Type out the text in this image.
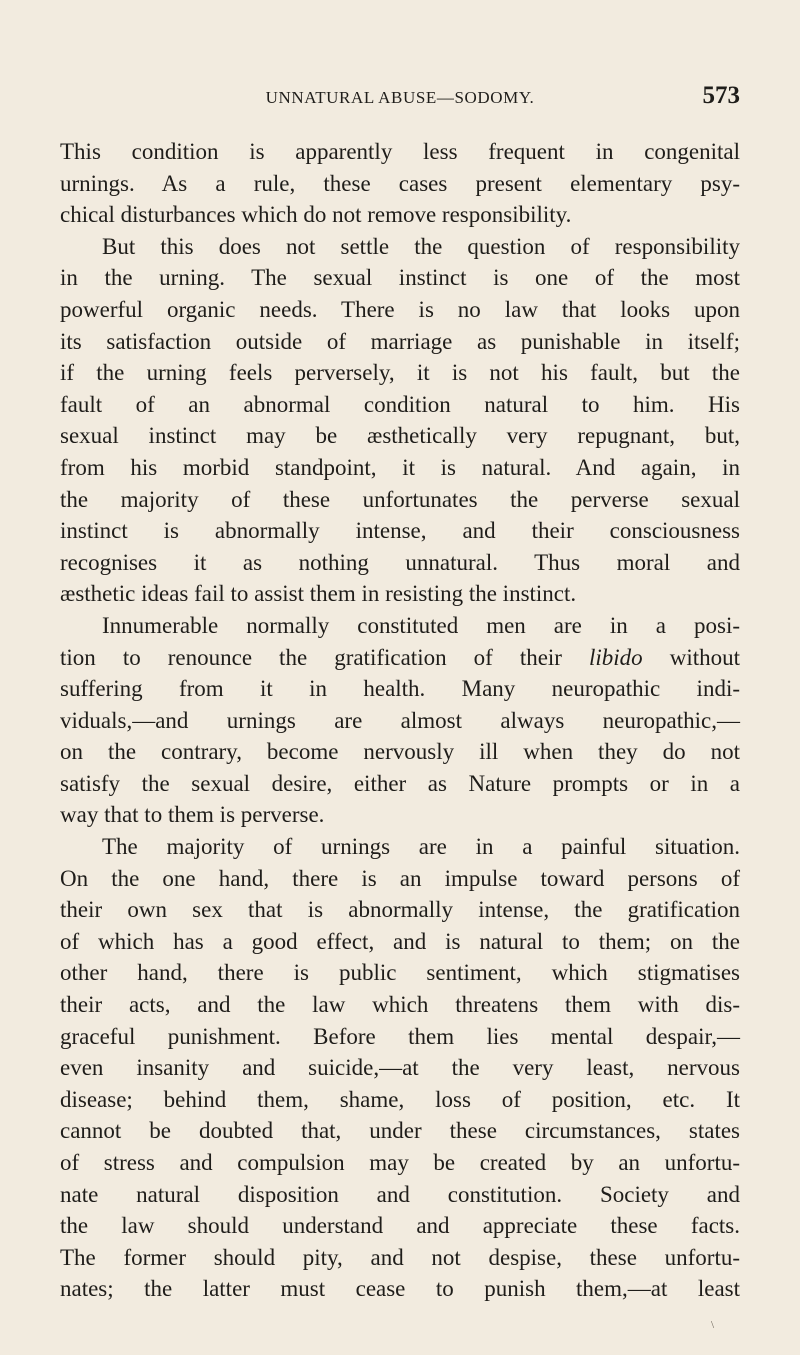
UNNATURAL ABUSE—SODOMY.	573
This condition is apparently less frequent in congenital
urnings. As a rule, these cases present elementary psy-
chical disturbances which do not remove responsibility.
But this does not settle the question of responsibility
in the urning. The sexual instinct is one of the most
powerful organic needs. There is no law that looks upon
its satisfaction outside of marriage as punishable in itself;
if the urning feels perversely, it is not his fault, but the
fault of an abnormal condition natural to him. His
sexual instinct may be æsthetically very repugnant, but,
from his morbid standpoint, it is natural. And again, in
the majority of these unfortunates the perverse sexual
instinct is abnormally intense, and their consciousness
recognises it as nothing unnatural. Thus moral and
æsthetic ideas fail to assist them in resisting the instinct.
Innumerable normally constituted men are in a posi-
tion to renounce the gratification of their libido without
suffering from it in health. Many neuropathic indi-
viduals,—and urnings are almost always neuropathic,—
on the contrary, become nervously ill when they do not
satisfy the sexual desire, either as Nature prompts or in a
way that to them is perverse.
The majority of urnings are in a painful situation.
On the one hand, there is an impulse toward persons of
their own sex that is abnormally intense, the gratification
of which has a good effect, and is natural to them; on the
other hand, there is public sentiment, which stigmatises
their acts, and the law which threatens them with dis-
graceful punishment. Before them lies mental despair,—
even insanity and suicide,—at the very least, nervous
disease; behind them, shame, loss of position, etc. It
cannot be doubted that, under these circumstances, states
of stress and compulsion may be created by an unfortu-
nate natural disposition and constitution. Society and
the law should understand and appreciate these facts.
The former should pity, and not despise, these unfortu-
nates; the latter must cease to punish them,—at least
\
